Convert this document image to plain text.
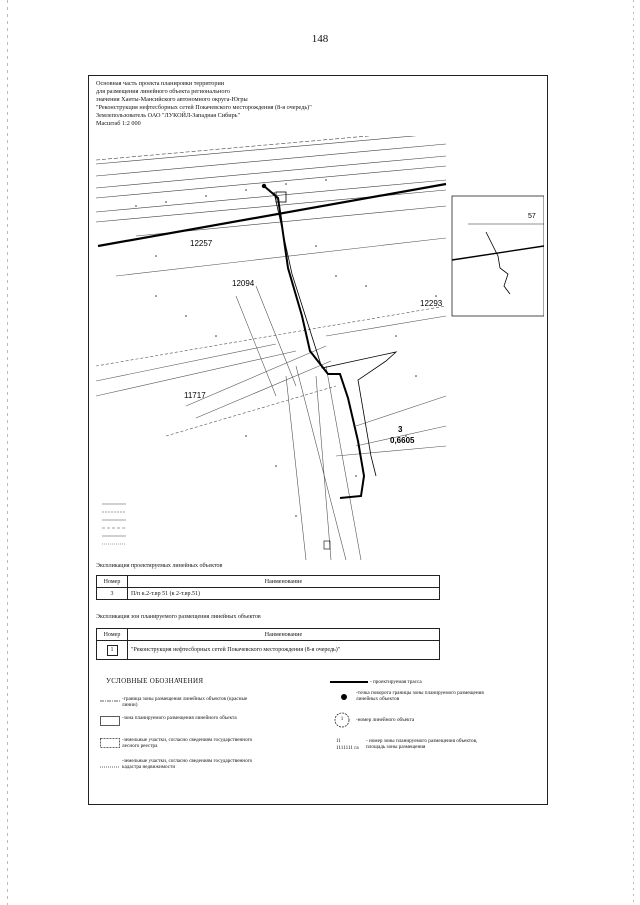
148
Основная часть проекта планировки территории
для размещения линейного объекта регионального
значения Ханты-Мансийского автономного округа-Югры
"Реконструкция нефтесборных сетей Покачевского месторождения (8-я очередь)"
Землепользователь ОАО "ЛУКОЙЛ-Западная Сибирь"
Масштаб 1:2 000
57
12257
12094
12293
11717
3
0,6605
Экспликация проектируемых линейных объектов
Номер	Наименование
3	П/п к.2-т.вр 51 (к 2-т.вр.51)
Экспликация зон планируемого размещения линейных объектов
Номер	Наименование
1	"Реконструкция нефтесборных сетей Покачевского месторождения (8-я очередь)"
УСЛОВНЫЕ ОБОЗНАЧЕНИЯ
-граница зоны размещения линейных объектов (красные линии)
-зона планируемого размещения линейного объекта
-земельные участки, согласно сведениям государственного лесного реестра
-земельные участки, согласно сведениям государственного кадастра недвижимости
- проектируемая трасса
-точка поворота границы зоны планируемого размещения линейных объектов
1	-номер линейного объекта
11
1111111 га
- номер зоны планируемого размещения объектов, площадь зоны размещения
